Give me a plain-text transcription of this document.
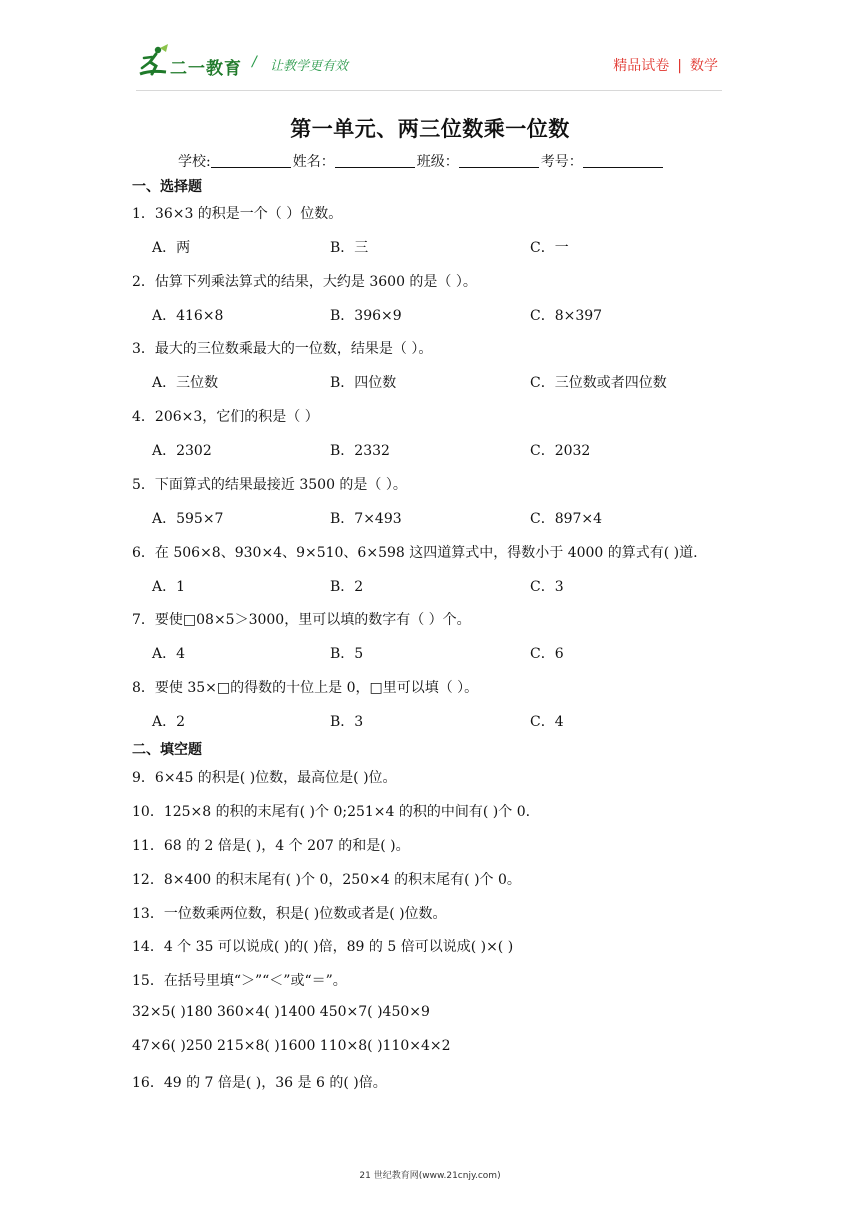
二一教育 / 让教学更有效	精品试卷 | 数学
第一单元、两三位数乘一位数
学校:	姓名：	班级：	考号：
一、选择题
1．36×3 的积是一个（ ）位数。
A．两	B．三	C．一
2．估算下列乘法算式的结果，大约是 3600 的是（ ）。
A．416×8	B．396×9	C．8×397
3．最大的三位数乘最大的一位数，结果是（ ）。
A．三位数	B．四位数	C．三位数或者四位数
4．206×3，它们的积是（ ）
A．2302	B．2332	C．2032
5．下面算式的结果最接近 3500 的是（ ）。
A．595×7	B．7×493	C．897×4
6．在 506×8、930×4、9×510、6×598 这四道算式中，得数小于 4000 的算式有( )道.
A．1	B．2	C．3
7．要使□08×5＞3000，里可以填的数字有（ ）个。
A．4	B．5	C．6
8．要使 35×□的得数的十位上是 0，□里可以填（ ）。
A．2	B．3	C．4
二、填空题
9．6×45 的积是( )位数，最高位是( )位。
10．125×8 的积的末尾有( )个 0;251×4 的积的中间有( )个 0.
11．68 的 2 倍是( )，4 个 207 的和是( )。
12．8×400 的积末尾有( )个 0，250×4 的积末尾有( )个 0。
13．一位数乘两位数，积是( )位数或者是( )位数。
14．4 个 35 可以说成( )的( )倍，89 的 5 倍可以说成( )×( )
15．在括号里填“＞”“＜”或“＝”。
32×5( )180 360×4( )1400 450×7( )450×9
47×6( )250 215×8( )1600 110×8( )110×4×2
16．49 的 7 倍是( )，36 是 6 的( )倍。
21 世纪教育网(www.21cnjy.com)
